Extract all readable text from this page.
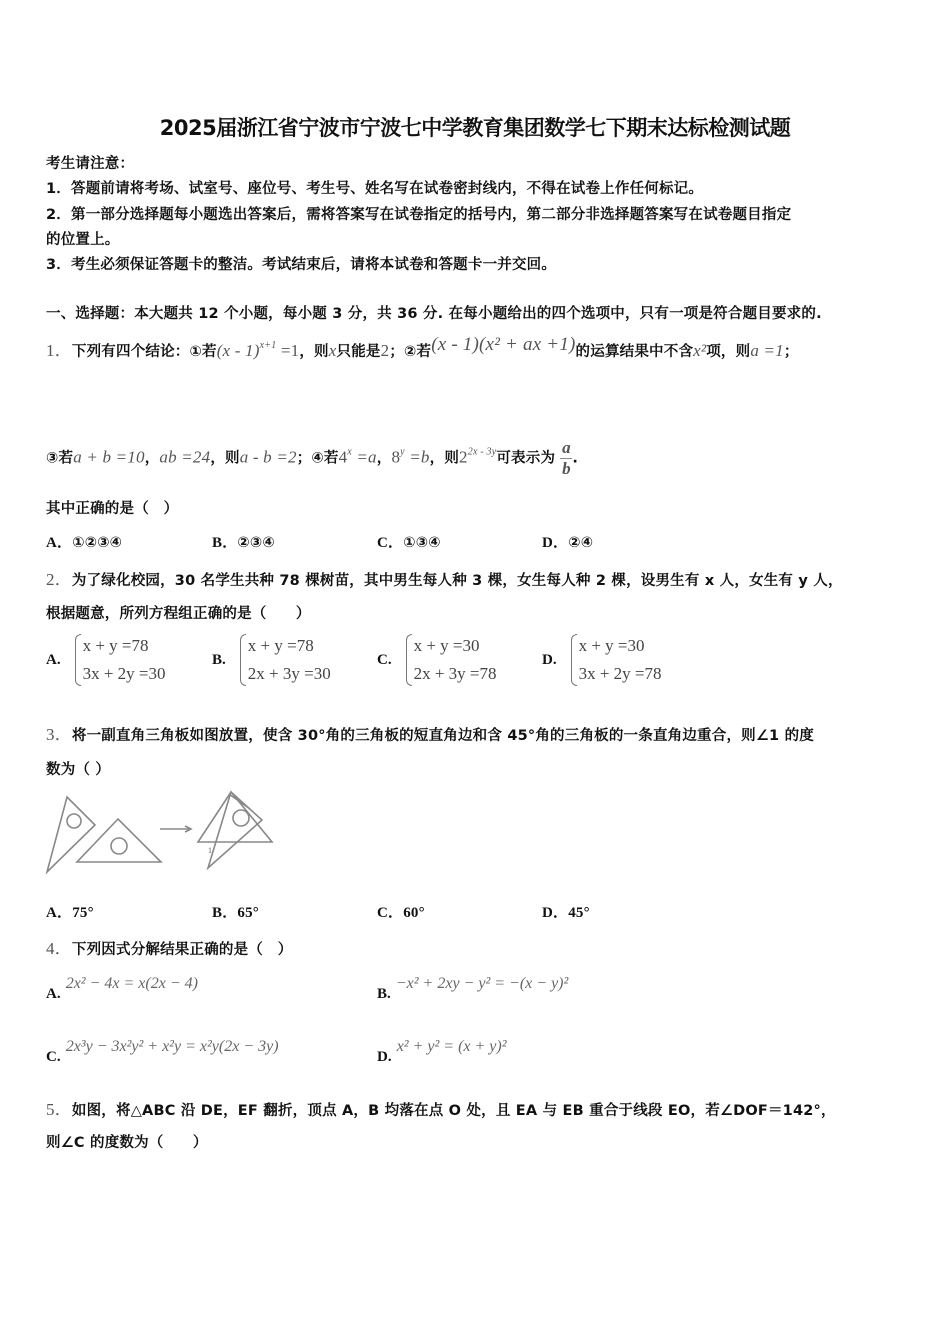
2025届浙江省宁波市宁波七中学教育集团数学七下期末达标检测试题
考生请注意：
1．答题前请将考场、试室号、座位号、考生号、姓名写在试卷密封线内，不得在试卷上作任何标记。
2．第一部分选择题每小题选出答案后，需将答案写在试卷指定的括号内，第二部分非选择题答案写在试卷题目指定
的位置上。
3．考生必须保证答题卡的整洁。考试结束后，请将本试卷和答题卡一并交回。
一、选择题：本大题共 12 个小题，每小题 3 分，共 36 分. 在每小题给出的四个选项中，只有一项是符合题目要求的.
1．下列有四个结论：①若(x - 1)$^{x+1}$ =1，则x只能是2；②若(x - 1)(x² + ax +1)的运算结果中不含x²项，则a =1；
③若a + b =10，ab =24，则a - b =2；④若$4^x =a$，$8^y =b$，则$2^{2x - 3y}$可表示为 $\frac{a}{b}$ .
其中正确的是（　）
A．①②③④	B．②③④	C．①③④	D．②④
2．为了绿化校园，30 名学生共种 78 棵树苗，其中男生每人种 3 棵，女生每人种 2 棵，设男生有 x 人，女生有 y 人，
根据题意，所列方程组正确的是（　　）
A.
x + y =78
3x + 2y =30
B.
x + y =78
2x + 3y =30
C.
x + y =30
2x + 3y =78
D.
x + y =30
3x + 2y =78
3．将一副直角三角板如图放置，使含 30°角的三角板的短直角边和含 45°角的三角板的一条直角边重合，则∠1 的度
数为（ ）
1
A．75°	B．65°	C．60°	D．45°
4．下列因式分解结果正确的是（　）
A. 2x² − 4x = x(2x − 4)
B. −x² + 2xy − y² = −(x − y)²
C. 2x³y − 3x²y² + x²y = x²y(2x − 3y)
D. x² + y² = (x + y)²
5．如图，将△ABC 沿 DE，EF 翻折，顶点 A，B 均落在点 O 处，且 EA 与 EB 重合于线段 EO，若∠DOF＝142°，
则∠C 的度数为（　　）
